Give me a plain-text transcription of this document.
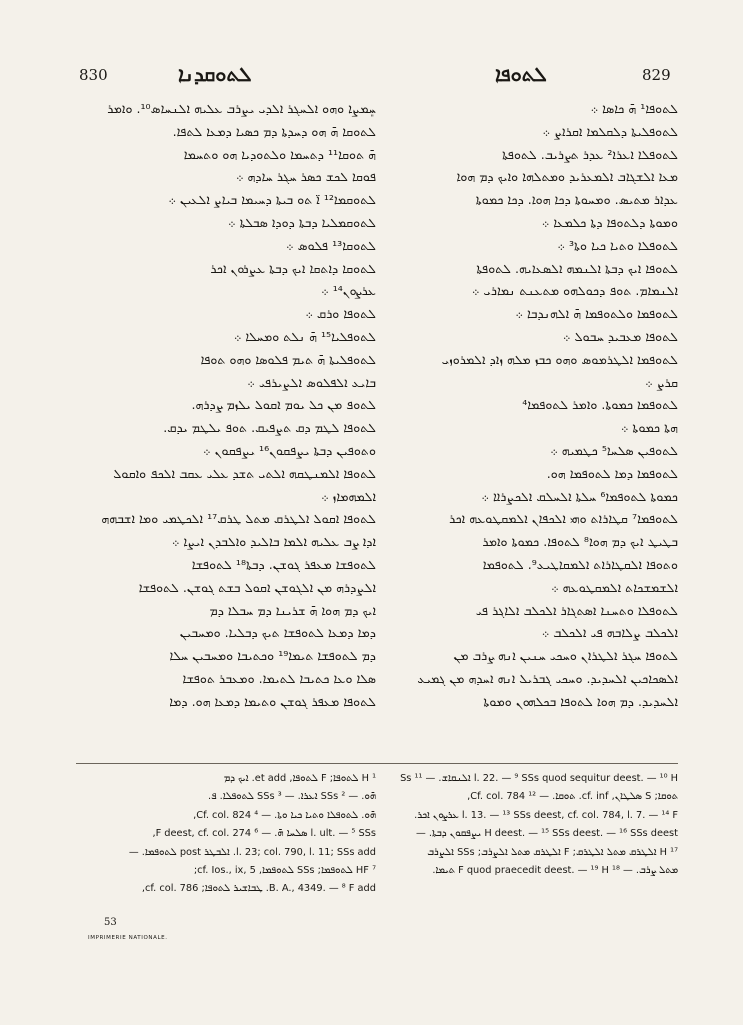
830	ܠܬܘܩܕܢܐ	ܠܬܘܦܐ	829

ܚܸܡܨܐ ܘܗܘ ܐܠܚܓܪ ܐܠܕܝ ܝܨܪܒ ܥܠܝܗ ܐܠܢܚܐܣ¹⁰. ܘܐܡܪ

ܠܬܘܩܐ ܗ̄ ܗܘ ܕܚܕܬܐ ܕܡ ܟܣܝܐ ܕܡܥܐ ܠܬܦܐ.

ܗ̄ ܬܘܩܐ¹¹ ܕܬܚܡܐ ܘܠܬܘܕܝܐ ܗܘ ܘܬܚܡܐ

ܦܘܩܐ ܠܟܫ ܟܣܪ ܚܓܪ ܚܐܕܗ ܀

ܠܬܘܩܡܐ¹² ܐ̈ ܬܘ ܒܝܬܐ ܕܚܝܡܐ ܒܝܐܨ ܐܠܥܝܢ ܀

ܠܬܘܩܡܠܝܐ ܕܒܬܐ ܕܘܕܐ ܣܒܠܬܐ ܀

ܠܬܘܩܐ¹³ ܦܠܘܣ ܀

ܠܬܘܩܐ ܕܐܬܩܐ ܐܝܟ ܕܒܬܐ ܥܨܪܘܢ ܐܟܪ

ܥܪܨܘܢ¹⁴ ܀

ܠܬܘܦܐ ܘܪܩ ܀

ܠܬܘܦܠܝܐ¹⁵ ܗ̄ ܢܠܬ ܘܡܚܠܐ ܀

ܠܬܘܦܠܝܬܐ ܗ̄ ܬܝܡ ܦܠܘܣܐ ܘܗܘ ܬܘܦܐ

ܒܐܝܥ ܐܠܦܠܘܣ ܐܠܨܝܪܦܝ ܀

ܠܬܘܦ ܡܢ ܟܠ ܝܘܡ ܐܩܘܠ ܝܠܙܡ ܨܕܪܗ.

ܠܬܘܦܐ ܠܛܡ ܕܩ ܬܨܦܝܩ. ܬܘܦ ܝܠܛܡ ܝܕܩ.

ܘܬܘܦܝܢ ܕܒܬܐ ܝܨܦܩܘܢ¹⁶ ܝܨܦܩܘܢ ܀

ܠܬܘܦܐ ܐܠܡܢܛܩܗ ܐܠܬܝ ܬܫܕ ܥܠܝ ܥܩܒ ܐܠܟܦ ܘܐܩܘܠ

ܐܠܡܗܡܐܙ ܀

ܠܬܘܦܐ ܐܩܘܠ ܐܠܛܪܩ ܡܬܠ ܛܪܩ¹⁷ ܐܠܟܛܡܝ ܘܡܐ ܐܫܒܗܗ

ܐܕܐ ܨܒ ܥܠܝܗ ܐܠܡܐ ܒܐܠܝܕ ܘܐܠܒܕܢ ܐܝܨܐ ܀

ܠܬܘܦܫܐ ܡܥܦܪ ܓܘܫܢ. ܕܒܬܐ¹⁸ ܠܬܘܦܫܐ

ܐܠܨܕܪܗ ܡܢ ܐܠܓܘܫܢ ܐܩܘܠ ܒܫܬ ܓܘܫܢ. ܠܬܘܦܫܐ

ܐܝܟ ܕܡ ܗܘܐ ܗ̄ ܫܪܝܢܐ ܕܡ ܚܒܠܐ ܕܡ

ܕܡܐ ܕܡܥܐ ܠܬܘܦܫܐ ܬܝܟ ܕܒܠܝܐ. ܘܡܚܒܝܢ

ܕܡ ܠܬܘܦܫܐ ܬܝܡܐ¹⁹ ܘܟܬܝܒܐ ܘܡܚܒܝܢ ܚܠܐ

ܣܠܐ ܘܥܐ ܟܬܝܒܐ ܠܬܝܡܐ. ܘܡܥܒܪ ܬܘܦܫܐ

ܠܬܘܦܐ ܡܥܦܪ ܓܘܫܢ ܘܬܝܡܐ ܕܡܥܐ ܗܘ. ܕܡܐ

ܠܬܘܦܐ¹ ܗ̄ ܟܐܣܐ ܀

ܠܬܘܦܠܝܬܐ ܕܠܩܠܡܐ ܐܩܪܐܨ ܀

ܠܬܘܦܠܐ ܐܥܪܐ² ܥܕܪ ܬܨܪܝܒ. ܠܬܘܦܬܐ

ܡܥܐ ܐܠܫܓܐܒ ܐܠܡܥܪܝܕ ܘܡܬܠܗܐ ܘܐܝܟ ܕܡ ܗܘܐ

ܥܕܐܪ ܡܬܝܣ. ܘܡܚܘܬܐ ܕܟܐ ܗܘܐ. ܕܟܐ ܟܡܘܬܐ

ܘܡܘܬܐ ܕܠܬܘܦܐ ܕܬܐ ܟܠܡܥܐ ܀

ܠܬܘܦܠܐ ܘܬܝܐ ܟܝܐ ܘܬܐ³ ܀

ܠܬܘܦܐ ܐܝܟ ܕܒܬܐ ܐܠܢܡܗ ܐܠܣܥܐܝܗ. ܠܬܘܦܬܐ

ܐܠܢܡܐܡ. ܬܘܦ ܕܟܘܠܗܘ ܡܬܥܢܬ ܢܡܐܪܝ ܀

ܠܬܘܦܡܐ ܘܠܬܘܦܡܐ ܗ̄ ܐܠܗܢܕܒܐ ܀

ܠܬܘܦܐ ܡܥܒܝܕ ܚܒܘܠ ܀

ܠܬܘܦܡܐ ܐܠܛܪܡܘܣ ܘܗܘ ܟܒܙ ܡܠܗ ܙܐܕ ܐܠܡܪܘܙܝ

ܩܪܨ ܀

ܠܬܘܦܡܐ ܟܡܘܬܐ. ܘܐܡܪ ܠܬܘܦܡܐ⁴

ܗܬܐ ܟܡܘܬܐ ܀

ܠܬܘܦܝܢ ܣܠܚܐ⁵ ܟܛܡܝܗ ܀

ܠܬܘܦܡܐ ܕܡܐ ܠܬܘܦܡܐ ܗܘ.

ܟܡܘܬܐ ܠܬܘܦܡܐ⁶ ܚܠܬܐ ܐܠܚܠܩ ܐܠܟܨܪܐܐ ܀

ܠܬܘܦܡܐ⁷ ܩܛܐܪܐܬ ܘܗܝ ܐܠܟܦܐܢ ܐܠܡܩܛܘܥܗ ܐܟܪ

ܒܛܝܛ ܐܝܟ ܕܡ ܗܘܐ⁸ ܠܬܘܦܐ. ܟܡܘܬܐ ܘܐܡܪ

ܘܬܘܦܐ ܐܠܩܛܐܪܐܬ ܐܠܡܩܐܛܝܥ⁹. ܠܬܘܦܡܐ

ܐܠܫܡܫܟܐܬ ܐܠܡܩܛܘܥܗ ܀

ܠܬܘܦܠܐ ܘܬܚܢܐ ܐܣܬܓܐܪ ܐܠܟܠܒ ܐܠܐܓܪ ܦܝ

ܐܠܟܠܒ ܨܠܐܒܗ ܦܝ ܐܠܟܠܒ ܀

ܠܬܘܦܐ ܚܓܪ ܐܠܛܪܐܢ ܘܚܟܝ ܚܢܝܢ ܐܢܗ ܨܪܒ ܡܢ

ܐܠܣܟܐܟܝܢ ܐܠܚܕܝܕ. ܘܚܟܝ ܓܒܪܝܠ ܐܢܗ ܐܚܕܗ ܡܢ ܓܡܝܥ

ܐܠܚܕܝܕ. ܕܡ ܗܘܐ ܠܬܘܦܐ ܒܟܠܗܘܢ ܘܡܘܬܐ

¹ H ܠܬܘܦܐ; F ܠܬܘܦܐ, et add. ܐܝܟ ܕܡ

ܗ̄ܘ. — ² SSs ܐܥܪܐ. — ³ SSs ܠܬܘܦܠܐ. ܦ.

ܗ̄ܘ. ܠܬܘܦܠܐ ܘܬܝܐ ܟܝܐ ܘܬܐ. — ⁴ Cf. col. 824,

l. ult. — ⁵ SSs ܣܠܚܐ ܗ̄. — ⁶ F deest, cf. col. 274,

l. 23; col. 790, l. 11; SSs add. ܐܠܒܛܪ post ܠܬܘܦܡܐ. —

⁷ HF ܠܬܘܦܡܐ; SSs ܠܬܘܦܡܐ, cf. Ios., ix, 5;

B. A., 4349. — ⁸ F add. ܛܒܐܫܝܪ ܠܬܘܦܐ; cf. col. 786,

l. 22. — ⁹ SSs quod sequitur deest. — ¹⁰ H ܐܠܢܩܐܫ. — ¹¹ Ss

ܬܘܩܐ; S ܣܠܛܐܢ, cf. inf. ܬܘܩܐ. — ¹² Cf. col. 784,

l. 13. — ¹³ SSs deest, cf. col. 784, l. 7. — ¹⁴ F ܥܪܨܘܢ ܐܟܪ.

H deest. — ¹⁵ SSs deest. — ¹⁶ SSs deest ܝܨܦܩܘܢ ܕܒܬܐ. —

¹⁷ H ܐܠܛܪܩ ܡܬܠ ܐܠܛܪܩ; F ܐܠܛܪܩ ܡܬܠ ܐܠܨܪܒ; SSs ܐܠܨܪܒ

ܡܬܠ ܨܪܒ. — ¹⁸ F quod praecedit deest. — ¹⁹ H ܬܝܡܐ.

53
IMPRIMERIE NATIONALE.
